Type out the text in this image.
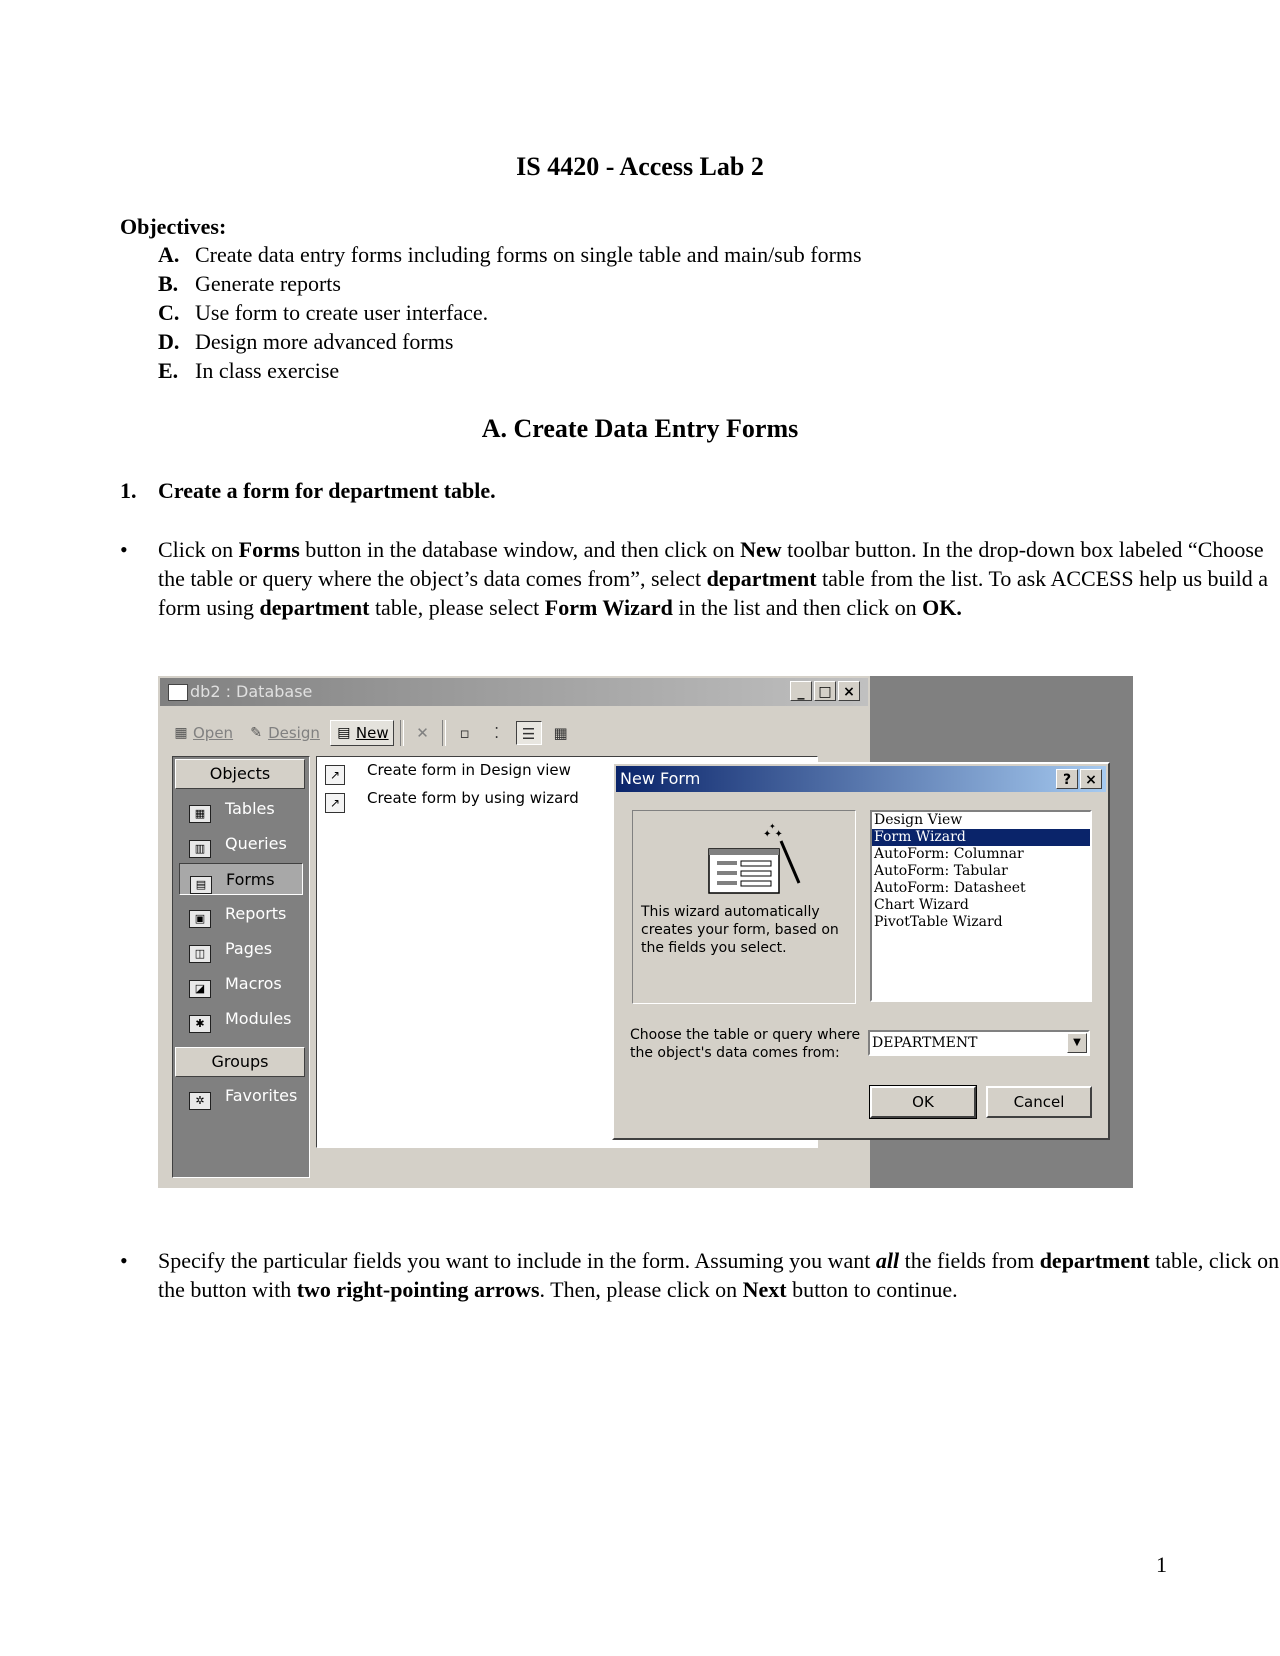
IS 4420 - Access Lab 2
Objectives:
A. Create data entry forms including forms on single table and main/sub forms
B. Generate reports
C. Use form to create user interface.
D. Design more advanced forms
E. In class exercise
A. Create Data Entry Forms
1. Create a form for department table.
•	Click on Forms button in the database window, and then click on New toolbar button. In the drop-down box labeled “Choose the table or query where the object’s data comes from”, select department table from the list. To ask ACCESS help us build a form using department table, please select Form Wizard in the list and then click on OK.
db2 : Database	_ □ ×
▦ Open ✎ Design ▤ New	✕	▫	⁚	☰	▦
Objects
▦ Tables
▥ Queries
▤ Forms
▣ Reports
◫ Pages
◪ Macros
✱ Modules
Groups
✲ Favorites
↗ Create form in Design view
↗ Create form by using wizard
New Form	?	×
✦ ✦
✦
This wizard automatically creates your form, based on the fields you select.
Design View
Form Wizard
AutoForm: Columnar
AutoForm: Tabular
AutoForm: Datasheet
Chart Wizard
PivotTable Wizard
Choose the table or query where the object's data comes from:
DEPARTMENT	▼
OK	Cancel
•	Specify the particular fields you want to include in the form. Assuming you want all the fields from department table, click on the button with two right-pointing arrows. Then, please click on Next button to continue.
1
